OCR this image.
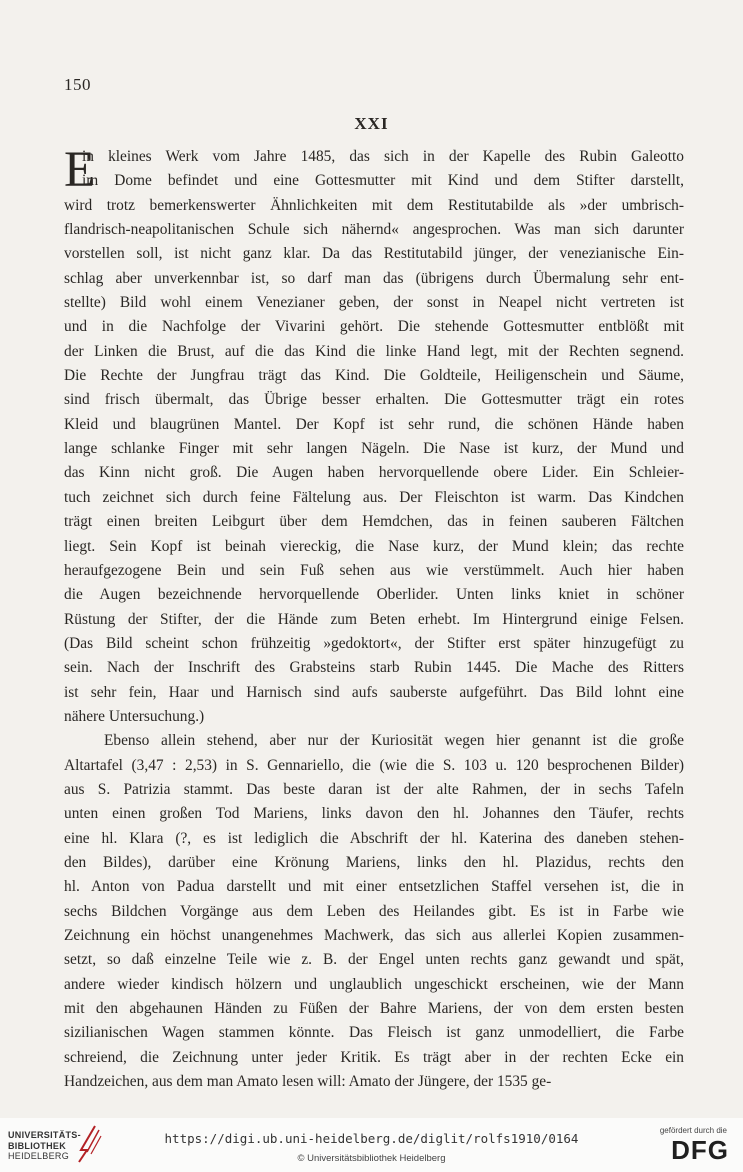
150
XXI
E
in kleines Werk vom Jahre 1485, das sich in der Kapelle des Rubin Galeotto
im Dome befindet und eine Gottesmutter mit Kind und dem Stifter darstellt,
wird trotz bemerkenswerter Ähnlichkeiten mit dem Restitutabilde als »der umbrisch-
flandrisch-neapolitanischen Schule sich nähernd« angesprochen. Was man sich darunter
vorstellen soll, ist nicht ganz klar. Da das Restitutabild jünger, der venezianische Ein-
schlag aber unverkennbar ist, so darf man das (übrigens durch Übermalung sehr ent-
stellte) Bild wohl einem Venezianer geben, der sonst in Neapel nicht vertreten ist
und in die Nachfolge der Vivarini gehört. Die stehende Gottesmutter entblößt mit
der Linken die Brust, auf die das Kind die linke Hand legt, mit der Rechten segnend.
Die Rechte der Jungfrau trägt das Kind. Die Goldteile, Heiligenschein und Säume,
sind frisch übermalt, das Übrige besser erhalten. Die Gottesmutter trägt ein rotes
Kleid und blaugrünen Mantel. Der Kopf ist sehr rund, die schönen Hände haben
lange schlanke Finger mit sehr langen Nägeln. Die Nase ist kurz, der Mund und
das Kinn nicht groß. Die Augen haben hervorquellende obere Lider. Ein Schleier-
tuch zeichnet sich durch feine Fältelung aus. Der Fleischton ist warm. Das Kindchen
trägt einen breiten Leibgurt über dem Hemdchen, das in feinen sauberen Fältchen
liegt. Sein Kopf ist beinah viereckig, die Nase kurz, der Mund klein; das rechte
heraufgezogene Bein und sein Fuß sehen aus wie verstümmelt. Auch hier haben
die Augen bezeichnende hervorquellende Oberlider. Unten links kniet in schöner
Rüstung der Stifter, der die Hände zum Beten erhebt. Im Hintergrund einige Felsen.
(Das Bild scheint schon frühzeitig »gedoktort«, der Stifter erst später hinzugefügt zu
sein. Nach der Inschrift des Grabsteins starb Rubin 1445. Die Mache des Ritters
ist sehr fein, Haar und Harnisch sind aufs sauberste aufgeführt. Das Bild lohnt eine
nähere Untersuchung.)
Ebenso allein stehend, aber nur der Kuriosität wegen hier genannt ist die große
Altartafel (3,47 : 2,53) in S. Gennariello, die (wie die S. 103 u. 120 besprochenen Bilder)
aus S. Patrizia stammt. Das beste daran ist der alte Rahmen, der in sechs Tafeln
unten einen großen Tod Mariens, links davon den hl. Johannes den Täufer, rechts
eine hl. Klara (?, es ist lediglich die Abschrift der hl. Katerina des daneben stehen-
den Bildes), darüber eine Krönung Mariens, links den hl. Plazidus, rechts den
hl. Anton von Padua darstellt und mit einer entsetzlichen Staffel versehen ist, die in
sechs Bildchen Vorgänge aus dem Leben des Heilandes gibt. Es ist in Farbe wie
Zeichnung ein höchst unangenehmes Machwerk, das sich aus allerlei Kopien zusammen-
setzt, so daß einzelne Teile wie z. B. der Engel unten rechts ganz gewandt und spät,
andere wieder kindisch hölzern und unglaublich ungeschickt erscheinen, wie der Mann
mit den abgehaunen Händen zu Füßen der Bahre Mariens, der von dem ersten besten
sizilianischen Wagen stammen könnte. Das Fleisch ist ganz unmodelliert, die Farbe
schreiend, die Zeichnung unter jeder Kritik. Es trägt aber in der rechten Ecke ein
Handzeichen, aus dem man Amato lesen will: Amato der Jüngere, der 1535 ge-
UNIVERSITÄTS-
BIBLIOTHEK
HEIDELBERG
https://digi.ub.uni-heidelberg.de/diglit/rolfs1910/0164
© Universitätsbibliothek Heidelberg
gefördert durch die
DFG
